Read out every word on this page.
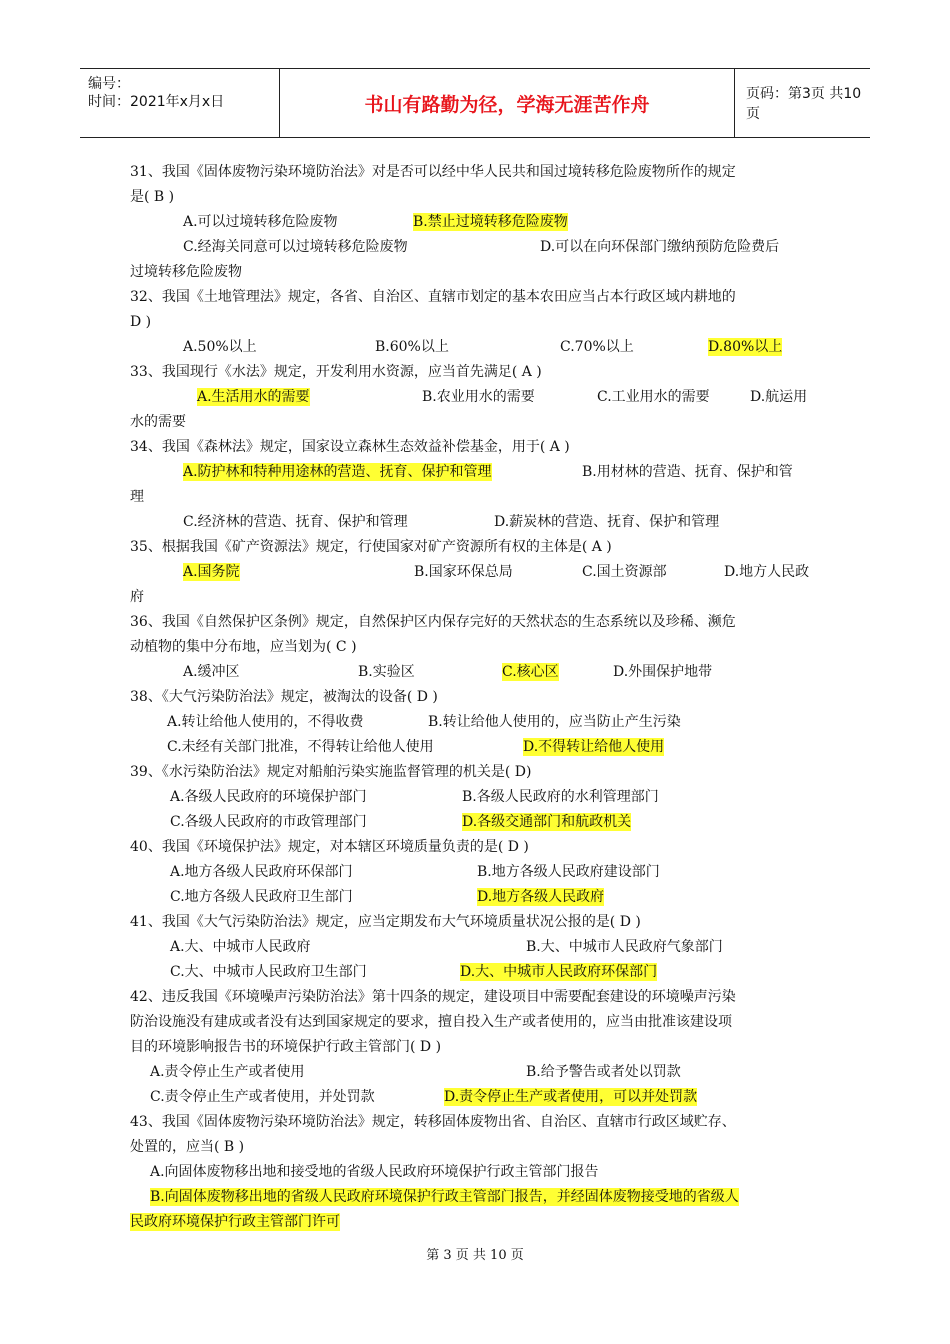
编号：
时间：2021年x月x日	书山有路勤为径，学海无涯苦作舟	页码：第3页 共10页
31、我国《固体废物污染环境防治法》对是否可以经中华人民共和国过境转移危险废物所作的规定
是( B )
A.可以过境转移危险废物	B.禁止过境转移危险废物
C.经海关同意可以过境转移危险废物	D.可以在向环保部门缴纳预防危险费后
过境转移危险废物
32、我国《土地管理法》规定，各省、自治区、直辖市划定的基本农田应当占本行政区域内耕地的
D )
A.50%以上	B.60%以上	C.70%以上	D.80%以上
33、我国现行《水法》规定，开发利用水资源，应当首先满足( A )
A.生活用水的需要	B.农业用水的需要	C.工业用水的需要	D.航运用
水的需要
34、我国《森林法》规定，国家设立森林生态效益补偿基金，用于( A )
A.防护林和特种用途林的营造、抚育、保护和管理	B.用材林的营造、抚育、保护和管
理
C.经济林的营造、抚育、保护和管理	D.薪炭林的营造、抚育、保护和管理
35、根据我国《矿产资源法》规定，行使国家对矿产资源所有权的主体是( A )
A.国务院	B.国家环保总局	C.国土资源部	D.地方人民政
府
36、我国《自然保护区条例》规定，自然保护区内保存完好的天然状态的生态系统以及珍稀、濒危
动植物的集中分布地，应当划为( C )
A.缓冲区	B.实验区	C.核心区	D.外围保护地带
38、《大气污染防治法》规定，被淘汰的设备( D )
A.转让给他人使用的，不得收费	B.转让给他人使用的，应当防止产生污染
C.未经有关部门批准，不得转让给他人使用	D.不得转让给他人使用
39、《水污染防治法》规定对船舶污染实施监督管理的机关是( D)
A.各级人民政府的环境保护部门	B.各级人民政府的水利管理部门
C.各级人民政府的市政管理部门	D.各级交通部门和航政机关
40、我国《环境保护法》规定，对本辖区环境质量负责的是( D )
A.地方各级人民政府环保部门	B.地方各级人民政府建设部门
C.地方各级人民政府卫生部门	D.地方各级人民政府
41、我国《大气污染防治法》规定，应当定期发布大气环境质量状况公报的是( D )
A.大、中城市人民政府	B.大、中城市人民政府气象部门
C.大、中城市人民政府卫生部门	D.大、中城市人民政府环保部门
42、违反我国《环境噪声污染防治法》第十四条的规定，建设项目中需要配套建设的环境噪声污染
防治设施没有建成或者没有达到国家规定的要求，擅自投入生产或者使用的，应当由批准该建设项
目的环境影响报告书的环境保护行政主管部门( D )
A.责令停止生产或者使用	B.给予警告或者处以罚款
C.责令停止生产或者使用，并处罚款	D.责令停止生产或者使用，可以并处罚款
43、我国《固体废物污染环境防治法》规定，转移固体废物出省、自治区、直辖市行政区域贮存、
处置的，应当( B )
A.向固体废物移出地和接受地的省级人民政府环境保护行政主管部门报告
B.向固体废物移出地的省级人民政府环境保护行政主管部门报告，并经固体废物接受地的省级人
民政府环境保护行政主管部门许可
第 3 页 共 10 页
